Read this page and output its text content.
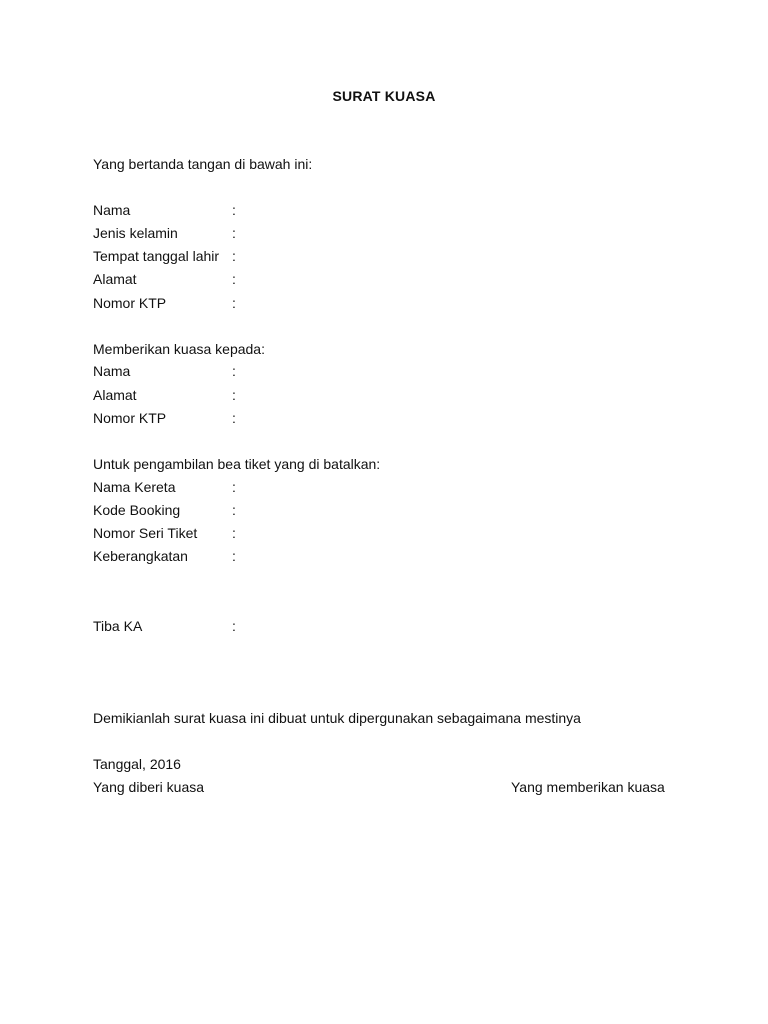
SURAT KUASA
Yang bertanda tangan di bawah ini:
Nama	:
Jenis kelamin	:
Tempat tanggal lahir :
Alamat	:
Nomor KTP	:
Memberikan kuasa kepada:
Nama	:
Alamat	:
Nomor KTP	:
Untuk pengambilan bea tiket yang di batalkan:
Nama Kereta	:
Kode Booking	:
Nomor Seri Tiket :
Keberangkatan	:
Tiba KA	:
Demikianlah surat kuasa ini dibuat untuk dipergunakan sebagaimana mestinya
Tanggal, 2016
Yang diberi kuasa	Yang memberikan kuasa
